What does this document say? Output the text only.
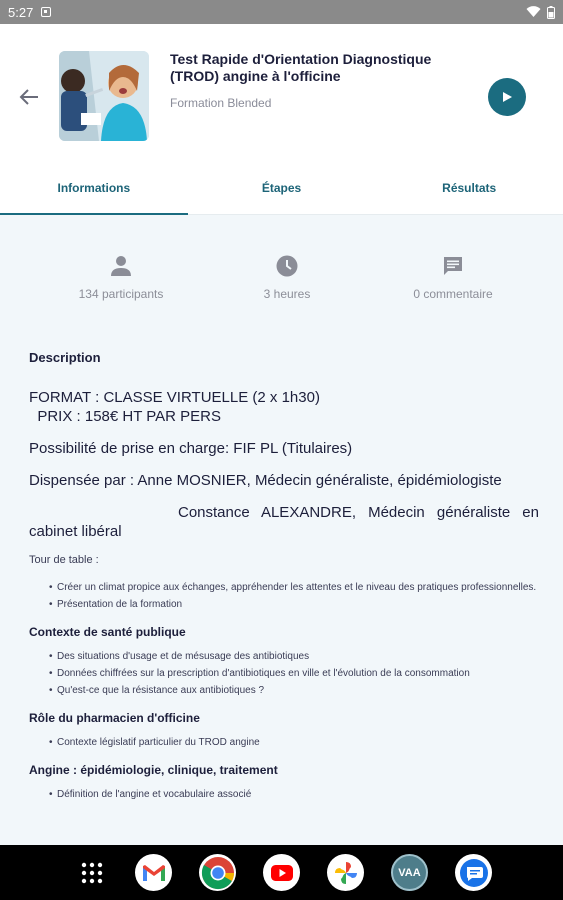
5:27
Test Rapide d'Orientation Diagnostique (TROD) angine à l'officine
Formation Blended
Informations	Étapes	Résultats
134 participants	3 heures	0 commentaire
Description
FORMAT : CLASSE VIRTUELLE (2 x 1h30)
PRIX : 158€ HT PAR PERS
Possibilité de prise en charge: FIF PL (Titulaires)
Dispensée par : Anne MOSNIER, Médecin généraliste, épidémiologiste
Constance ALEXANDRE, Médecin généraliste en
cabinet libéral
Tour de table :
• Créer un climat propice aux échanges, appréhender les attentes et le niveau des pratiques professionnelles.
• Présentation de la formation
Contexte de santé publique
• Des situations d'usage et de mésusage des antibiotiques
• Données chiffrées sur la prescription d'antibiotiques en ville et l'évolution de la consommation
• Qu'est-ce que la résistance aux antibiotiques ?
Rôle du pharmacien d'officine
• Contexte législatif particulier du TROD angine
Angine : épidémiologie, clinique, traitement
• Définition de l'angine et vocabulaire associé
VAA
